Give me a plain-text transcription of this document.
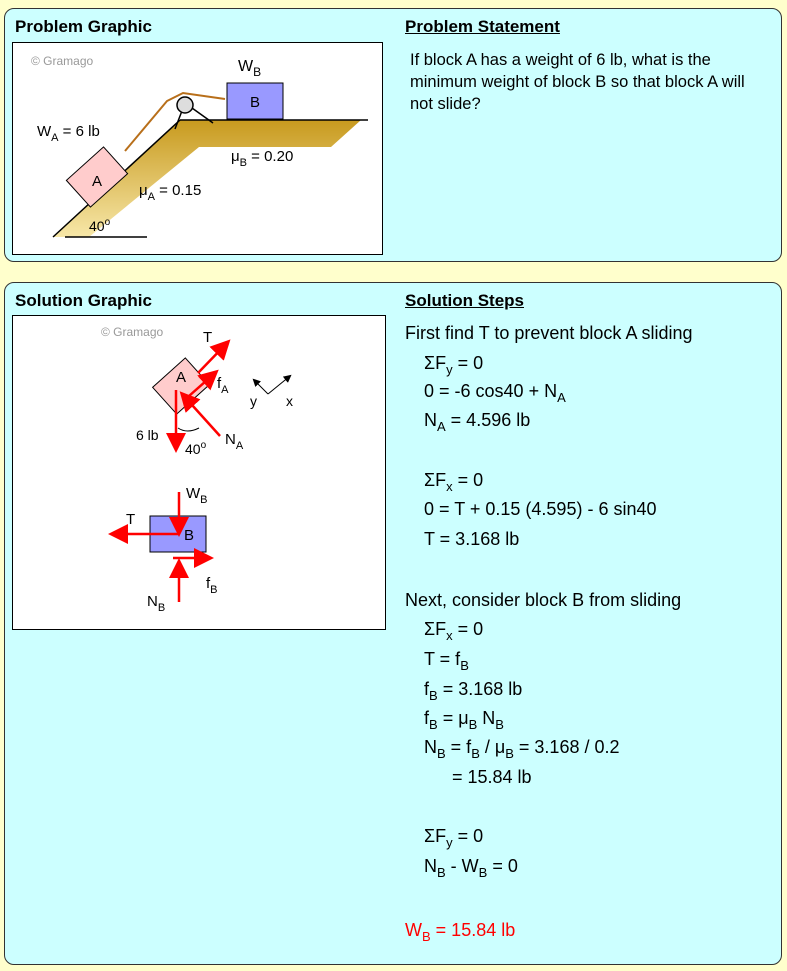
Problem Graphic	Problem Statement
B
A
© Gramago	$W_B$
$W_A = 6$ lb
$\mu_B = 0.20$
$\mu_A = 0.15$
40$^o$
If block A has a weight of 6 lb, what is the minimum weight of block B so that block A will not slide?
Solution Graphic	Solution Steps
© Gramago
A
T
$f_A$
6 lb	$N_A$
40$^o$
y x
B
$W_B$
T
$N_B$
$f_B$
First find T to prevent block A sliding
$\Sigma F_y = 0$
0 = -6 $\cos 40 + N_A$
$N_A = 4.596$ lb
$\Sigma F_x = 0$
0 = T + 0.15 (4.595) - 6 sin40
T = 3.168 lb
Next, consider block B from sliding
$\Sigma F_x = 0$
$T = f_B$
$f_B = 3.168$ lb
$f_B = \mu_B$ $N_B$
$N_B = f_B / \mu_B = 3.168 / 0.2$
= 15.84 lb
$\Sigma F_y = 0$
$N_B - W_B = 0$
$W_B = 15.84$ lb
